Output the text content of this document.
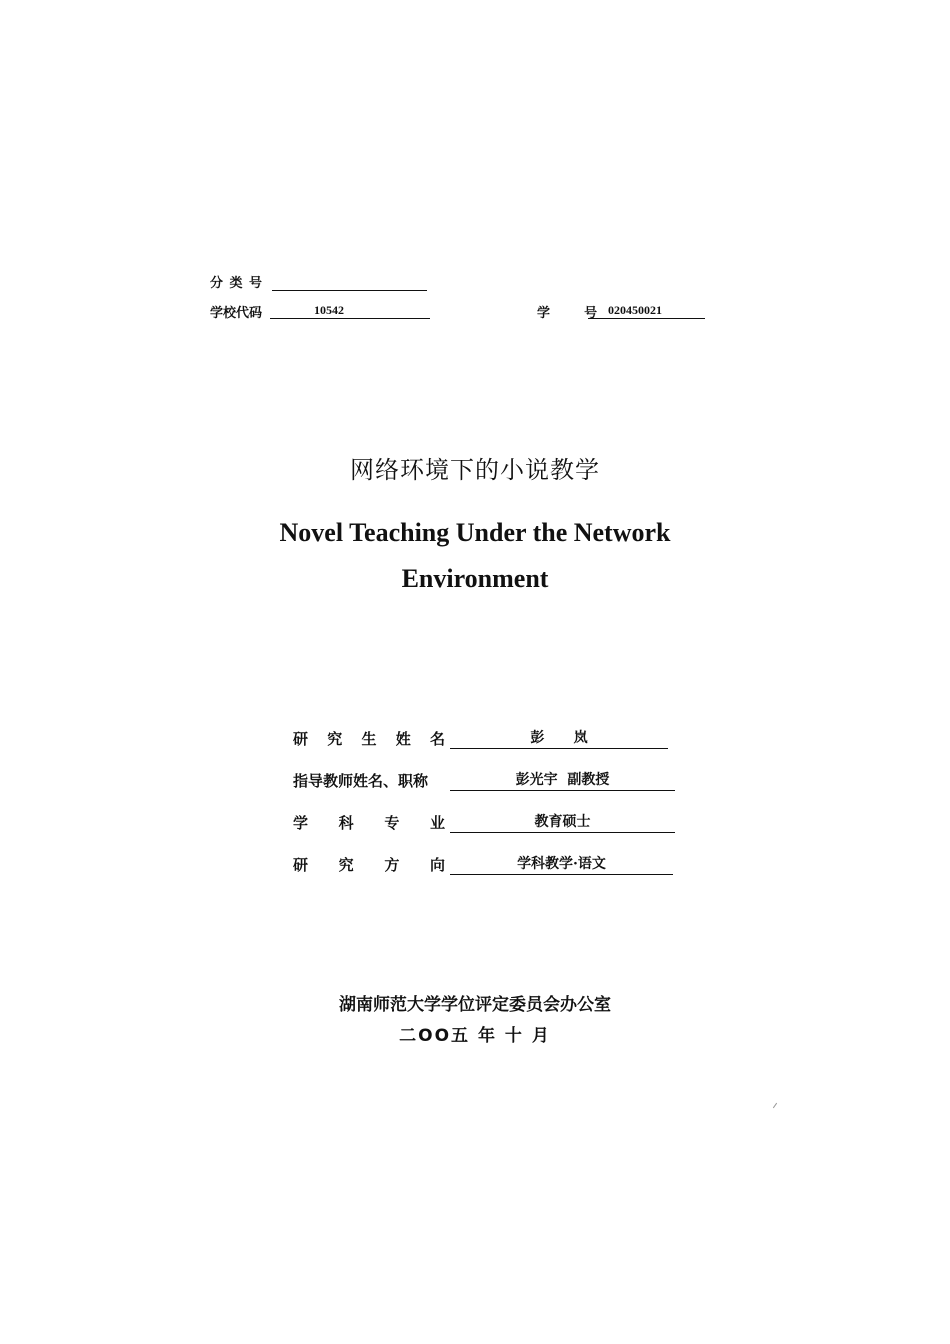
分 类 号
学校代码	10542	学      号 020450021
网络环境下的小说教学
Novel Teaching Under the Network
Environment
研 究 生 姓 名	彭      岚
指导教师姓名、职称	彭光宇  副教授
学 科 专 业	教育硕士
研 究 方 向	学科教学·语文
湖南师范大学学位评定委员会办公室
二OO五 年 十 月
